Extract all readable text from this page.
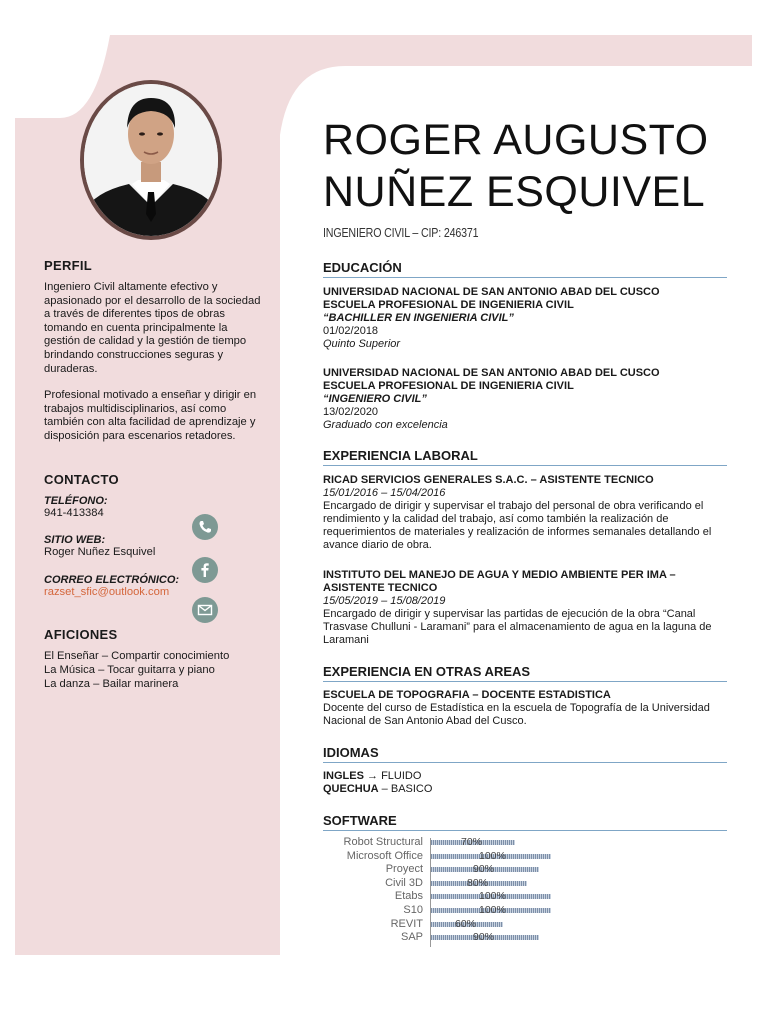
PERFIL

Ingeniero Civil altamente efectivo y apasionado por el desarrollo de la sociedad a través de diferentes tipos de obras tomando en cuenta principalmente la gestión de calidad y la gestión de tiempo brindando construcciones seguras y duraderas.

Profesional motivado a enseñar y dirigir en trabajos multidisciplinarios, así como también con alta facilidad de aprendizaje y disposición para escenarios retadores.

CONTACTO

TELÉFONO:

941-413384

SITIO WEB:

Roger Nuñez Esquivel

CORREO ELECTRÓNICO:

razset_sfic@outlook.com

AFICIONES

El Enseñar – Compartir conocimiento

La Música – Tocar guitarra y piano

La danza – Bailar marinera

ROGER AUGUSTO
NUÑEZ ESQUIVEL

INGENIERO CIVIL – CIP: 246371

EDUCACIÓN

UNIVERSIDAD NACIONAL DE SAN ANTONIO ABAD DEL CUSCO

ESCUELA PROFESIONAL DE INGENIERIA CIVIL

“BACHILLER EN INGENIERIA CIVIL”

01/02/2018

Quinto Superior

UNIVERSIDAD NACIONAL DE SAN ANTONIO ABAD DEL CUSCO

ESCUELA PROFESIONAL DE INGENIERIA CIVIL

“INGENIERO CIVIL”

13/02/2020

Graduado con excelencia

EXPERIENCIA LABORAL

RICAD SERVICIOS GENERALES S.A.C. – ASISTENTE TECNICO

15/01/2016 – 15/04/2016

Encargado de dirigir y supervisar el trabajo del personal de obra verificando el rendimiento y la calidad del trabajo, así como también la realización de requerimientos de materiales y realización de informes semanales detallando el avance diario de obra.

INSTITUTO DEL MANEJO DE AGUA Y MEDIO AMBIENTE PER IMA – ASISTENTE TECNICO

15/05/2019 – 15/08/2019

Encargado de dirigir y supervisar las partidas de ejecución de la obra “Canal Trasvase Chulluni - Laramani” para el almacenamiento de agua en la laguna de Laramani

EXPERIENCIA EN OTRAS AREAS

ESCUELA DE TOPOGRAFIA – DOCENTE ESTADISTICA

Docente del curso de Estadística en la escuela de Topografía de la Universidad Nacional de San Antonio Abad del Cusco.

IDIOMAS

INGLES → FLUIDO

QUECHUA – BASICO

SOFTWARE

Robot Structural	70%
Microsoft Office	100%
Proyect	90%
Civil 3D	80%
Etabs	100%
S10	100%
REVIT	60%
SAP	90%
